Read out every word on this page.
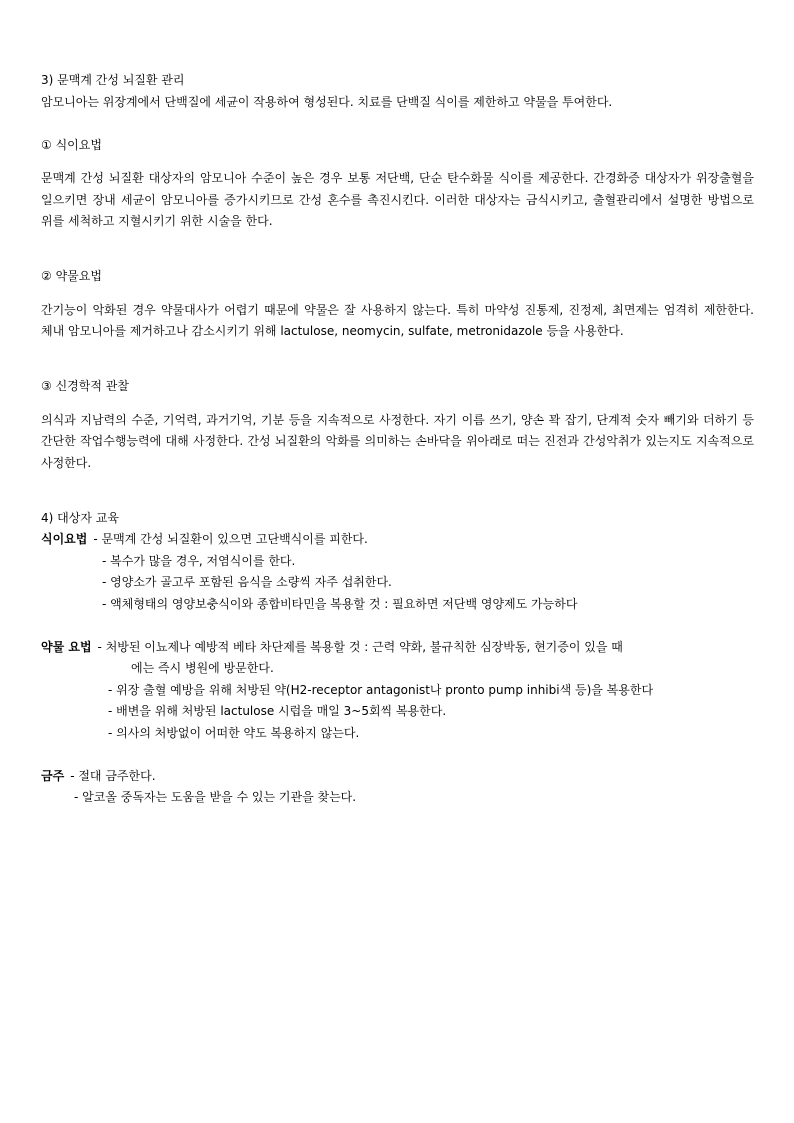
3) 문맥계 간성 뇌질환 관리

암모니아는 위장계에서 단백질에 세균이 작용하여 형성된다. 치료를 단백질 식이를 제한하고 약물을 투여한다.

① 식이요법

문맥계 간성 뇌질환 대상자의 암모니아 수준이 높은 경우 보통 저단백, 단순 탄수화물 식이를 제공한다. 간경화증 대상자가 위장출혈을 일으키면 장내 세균이 암모니아를 증가시키므로 간성 혼수를 촉진시킨다. 이러한 대상자는 금식시키고, 출혈관리에서 설명한 방법으로 위를 세척하고 지혈시키기 위한 시술을 한다.

② 약물요법

간기능이 악화된 경우 약물대사가 어렵기 때문에 약물은 잘 사용하지 않는다. 특히 마약성 진통제, 진정제, 최면제는 엄격히 제한한다. 체내 암모니아를 제거하고나 감소시키기 위해 lactulose, neomycin, sulfate, metronidazole 등을 사용한다.

③ 신경학적 관찰

의식과 지남력의 수준, 기억력, 과거기억, 기분 등을 지속적으로 사정한다. 자기 이름 쓰기, 양손 꽉 잡기, 단계적 숫자 빼기와 더하기 등 간단한 작업수행능력에 대해 사정한다. 간성 뇌질환의 악화를 의미하는 손바닥을 위아래로 떠는 진전과 간성악취가 있는지도 지속적으로 사정한다.

4) 대상자 교육

식이요법 - 문맥계 간성 뇌질환이 있으면 고단백식이를 피한다.

- 복수가 많을 경우, 저염식이를 한다.

- 영양소가 골고루 포함된 음식을 소량씩 자주 섭취한다.

- 액체형태의 영양보충식이와 종합비타민을 복용할 것 : 필요하면 저단백 영양제도 가능하다

약물 요법 - 처방된 이뇨제나 예방적 베타 차단제를 복용할 것 : 근력 약화, 불규칙한 심장박동, 현기증이 있을 때

에는 즉시 병원에 방문한다.

- 위장 출혈 예방을 위해 처방된 약(H2-receptor antagonist나 pronto pump inhibi색 등)을 복용한다

- 배변을 위해 처방된 lactulose 시럽을 매일 3~5회씩 복용한다.

- 의사의 처방없이 어떠한 약도 복용하지 않는다.

금주 - 절대 금주한다.

- 알코올 중독자는 도움을 받을 수 있는 기관을 찾는다.
